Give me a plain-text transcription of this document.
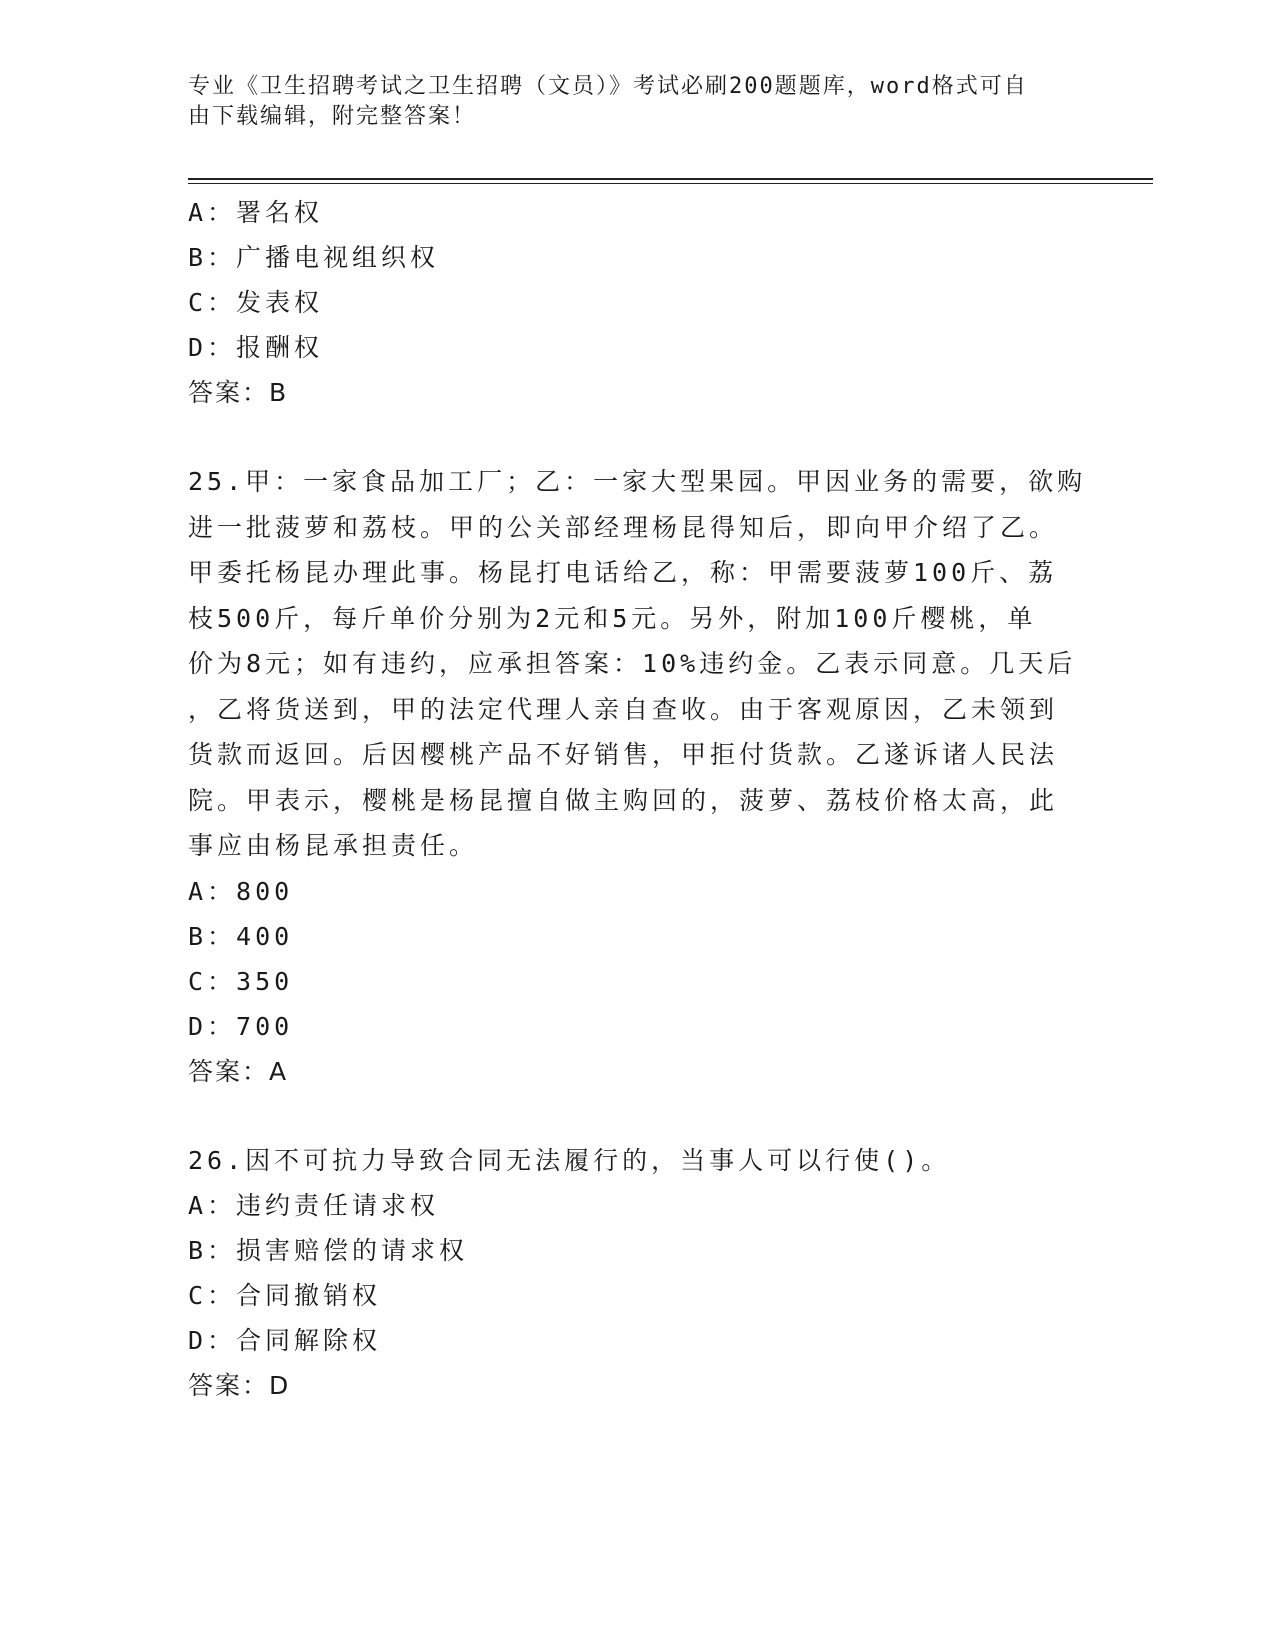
专业《卫生招聘考试之卫生招聘（文员）》考试必刷200题题库，word格式可自
由下载编辑，附完整答案！
A：署名权
B：广播电视组织权
C：发表权
D：报酬权
答案：B
25.甲：一家食品加工厂；乙：一家大型果园。甲因业务的需要，欲购
进一批菠萝和荔枝。甲的公关部经理杨昆得知后，即向甲介绍了乙。
甲委托杨昆办理此事。杨昆打电话给乙，称：甲需要菠萝100斤、荔
枝500斤，每斤单价分别为2元和5元。另外，附加100斤樱桃，单
价为8元；如有违约，应承担答案：10%违约金。乙表示同意。几天后
，乙将货送到，甲的法定代理人亲自查收。由于客观原因，乙未领到
货款而返回。后因樱桃产品不好销售，甲拒付货款。乙遂诉诸人民法
院。甲表示，樱桃是杨昆擅自做主购回的，菠萝、荔枝价格太高，此
事应由杨昆承担责任。
A：800
B：400
C：350
D：700
答案：A
26.因不可抗力导致合同无法履行的，当事人可以行使()。
A：违约责任请求权
B：损害赔偿的请求权
C：合同撤销权
D：合同解除权
答案：D
